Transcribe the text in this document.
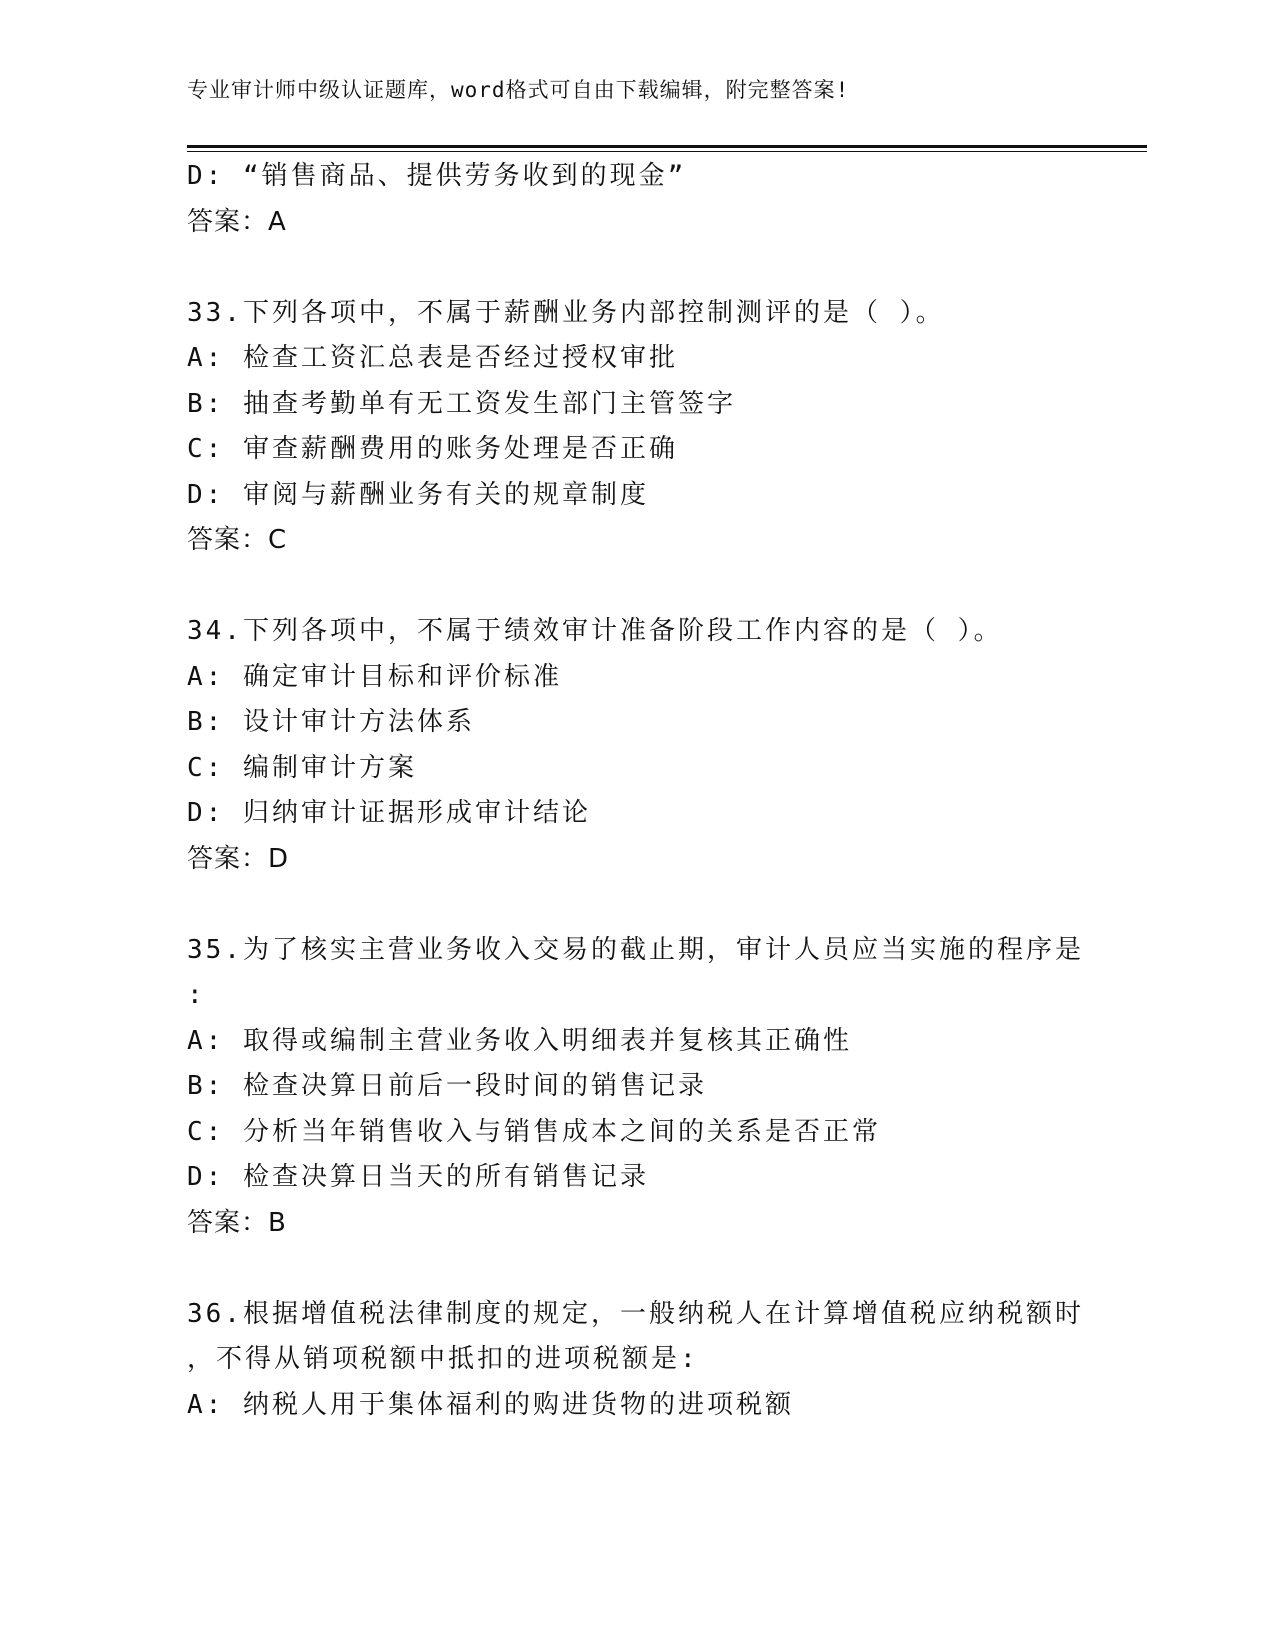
专业审计师中级认证题库，word格式可自由下载编辑，附完整答案!
D: “销售商品、提供劳务收到的现金”
答案：A
33.下列各项中，不属于薪酬业务内部控制测评的是（ ）。
A: 检查工资汇总表是否经过授权审批
B: 抽查考勤单有无工资发生部门主管签字
C: 审查薪酬费用的账务处理是否正确
D: 审阅与薪酬业务有关的规章制度
答案：C
34.下列各项中，不属于绩效审计准备阶段工作内容的是（ ）。
A: 确定审计目标和评价标准
B: 设计审计方法体系
C: 编制审计方案
D: 归纳审计证据形成审计结论
答案：D
35.为了核实主营业务收入交易的截止期，审计人员应当实施的程序是
:
A: 取得或编制主营业务收入明细表并复核其正确性
B: 检查决算日前后一段时间的销售记录
C: 分析当年销售收入与销售成本之间的关系是否正常
D: 检查决算日当天的所有销售记录
答案：B
36.根据增值税法律制度的规定，一般纳税人在计算增值税应纳税额时
，不得从销项税额中抵扣的进项税额是:
A: 纳税人用于集体福利的购进货物的进项税额
